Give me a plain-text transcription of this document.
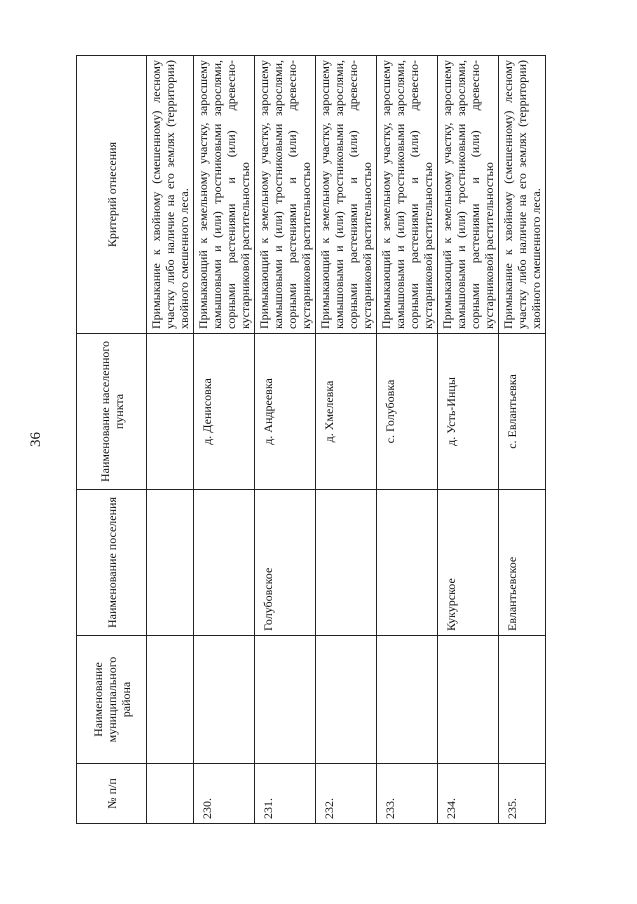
36
№ п/п	Наименование муниципального района	Наименование поселения	Наименование населенного пункта	Критерий отнесения
				Примыкание к хвойному (смешенному) лесному участку либо наличие на его землях (территории) хвойного смешенного леса.
230.			д. Денисовка	Примыкающий к земельному участку, заросшему камышовыми и (или) тростниковыми зарослями, сорными растениями и (или) древесно-кустарниковой растительностью
231.		Голубовское	д. Андреевка	Примыкающий к земельному участку, заросшему камышовыми и (или) тростниковыми зарослями, сорными растениями и (или) древесно-кустарниковой растительностью
232.			д. Хмелевка	Примыкающий к земельному участку, заросшему камышовыми и (или) тростниковыми зарослями, сорными растениями и (или) древесно-кустарниковой растительностью
233.			с. Голубовка	Примыкающий к земельному участку, заросшему камышовыми и (или) тростниковыми зарослями, сорными растениями и (или) древесно-кустарниковой растительностью
234.		Кукурское	д. Усть-Инцы	Примыкающий к земельному участку, заросшему камышовыми и (или) тростниковыми зарослями, сорными растениями и (или) древесно-кустарниковой растительностью
235.		Евлантьевское	с. Евлантьевка	Примыкание к хвойному (смешенному) лесному участку либо наличие на его землях (территории) хвойного смешенного леса.
